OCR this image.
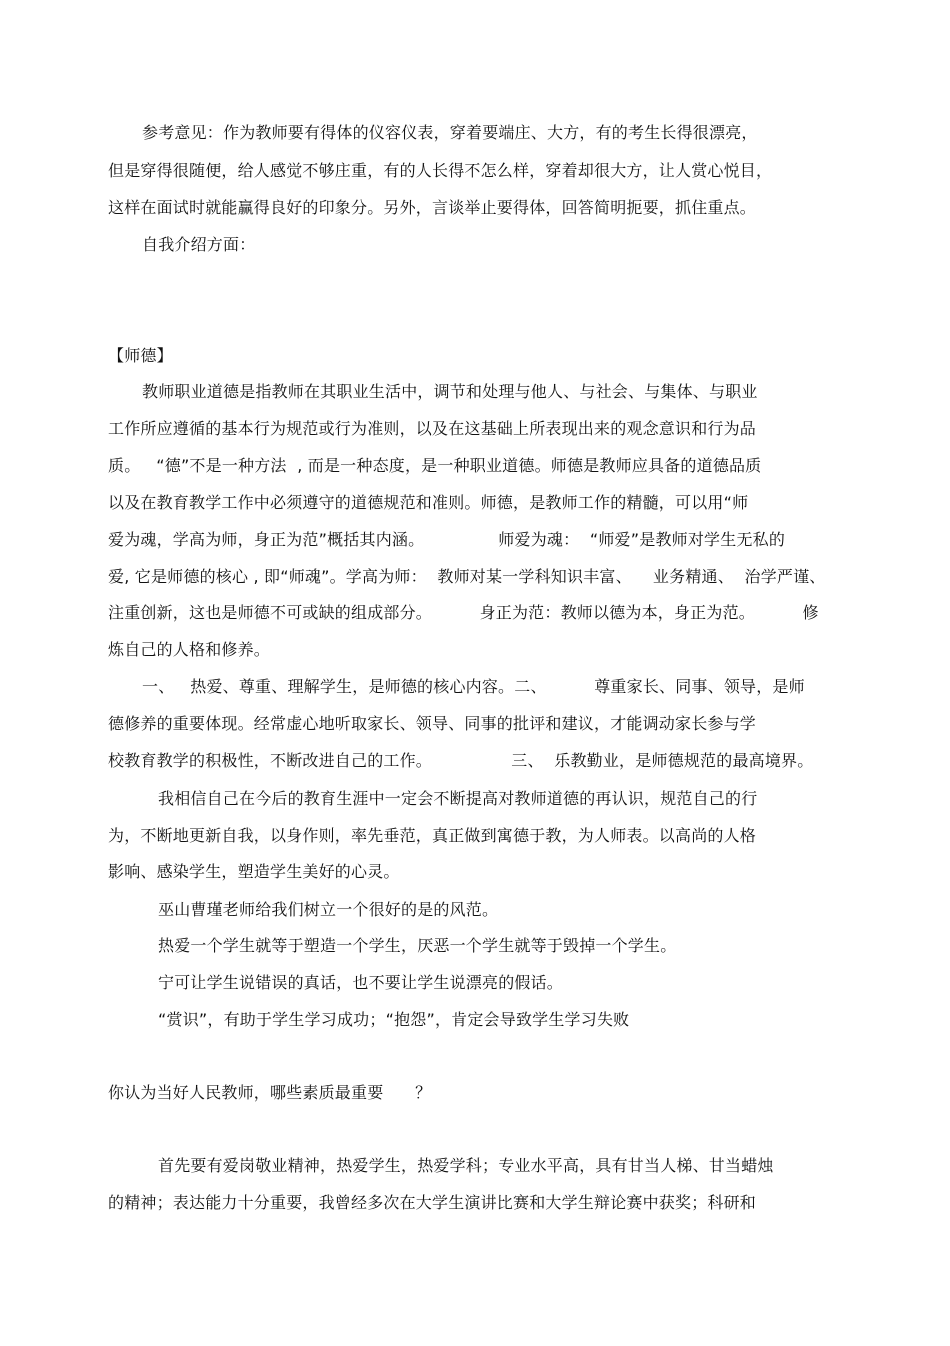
参考意见：作为教师要有得体的仪容仪表，穿着要端庄、大方，有的考生长得很漂亮，
但是穿得很随便，给人感觉不够庄重，有的人长得不怎么样，穿着却很大方，让人赏心悦目，
这样在面试时就能赢得良好的印象分。另外，言谈举止要得体，回答简明扼要，抓住重点。
自我介绍方面：
【师德】
教师职业道德是指教师在其职业生活中，调节和处理与他人、与社会、与集体、与职业
工作所应遵循的基本行为规范或行为准则，以及在这基础上所表现出来的观念意识和行为品
质。   “德”不是一种方法  , 而是一种态度，是一种职业道德。师德是教师应具备的道德品质
以及在教育教学工作中必须遵守的道德规范和准则。师德，是教师工作的精髓，可以用“师
爱为魂，学高为师，身正为范”概括其内涵。              师爱为魂：  “师爱”是教师对学生无私的
爱, 它是师德的核心 , 即“师魂”。学高为师：  教师对某一学科知识丰富、    业务精通、  治学严谨、
注重创新，这也是师德不可或缺的组成部分。         身正为范：教师以德为本，身正为范。         修
炼自己的人格和修养。
一、   热爱、尊重、理解学生，是师德的核心内容。二、         尊重家长、同事、领导，是师
德修养的重要体现。经常虚心地听取家长、领导、同事的批评和建议，才能调动家长参与学
校教育教学的积极性，不断改进自己的工作。               三、  乐教勤业，是师德规范的最高境界。
我相信自己在今后的教育生涯中一定会不断提高对教师道德的再认识，规范自己的行
为，不断地更新自我，以身作则，率先垂范，真正做到寓德于教，为人师表。以高尚的人格
影响、感染学生，塑造学生美好的心灵。
巫山曹瑾老师给我们树立一个很好的是的风范。
热爱一个学生就等于塑造一个学生，厌恶一个学生就等于毁掉一个学生。
宁可让学生说错误的真话，也不要让学生说漂亮的假话。
“赏识”，有助于学生学习成功；“抱怨”，肯定会导致学生学习失败
你认为当好人民教师，哪些素质最重要      ？
首先要有爱岗敬业精神，热爱学生，热爱学科；专业水平高，具有甘当人梯、甘当蜡烛
的精神；表达能力十分重要，我曾经多次在大学生演讲比赛和大学生辩论赛中获奖；科研和
